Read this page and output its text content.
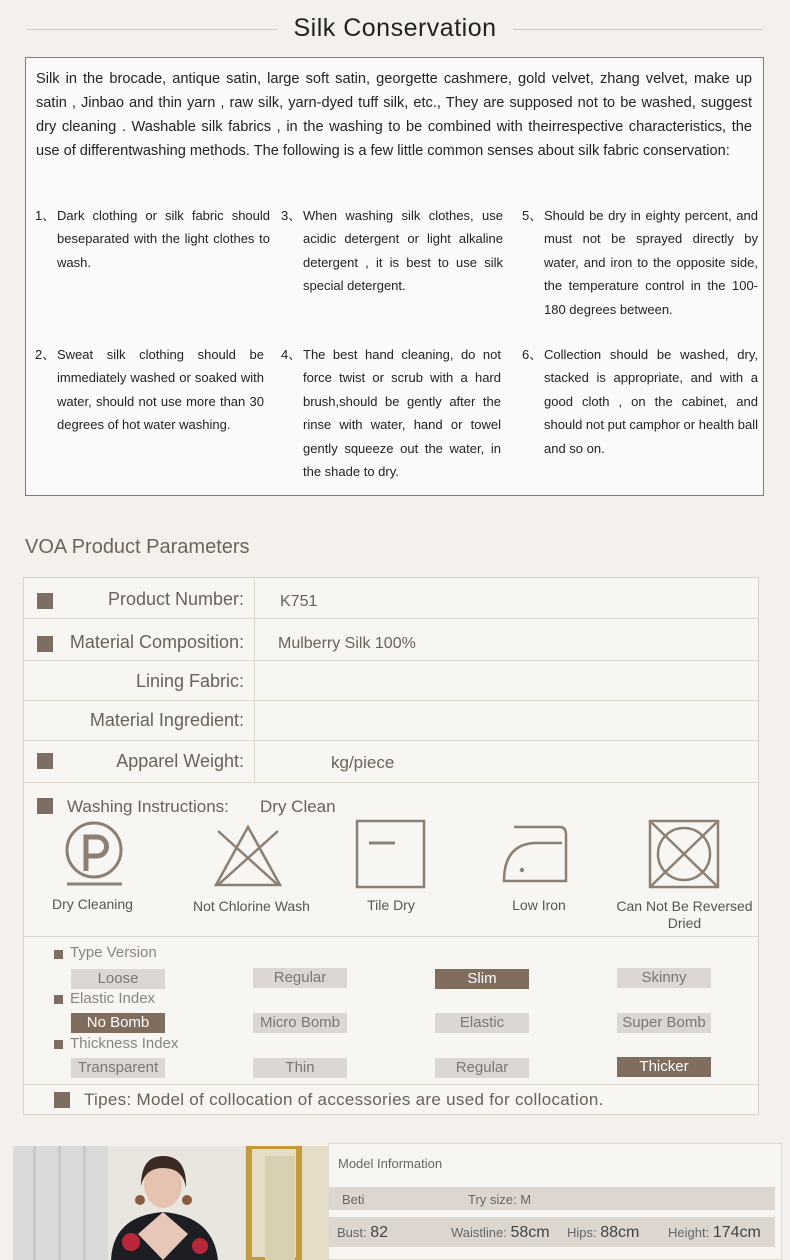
Silk Conservation
Silk in the brocade, antique satin, large soft satin, georgette cashmere, gold velvet, zhang velvet, make up satin , Jinbao and thin yarn , raw silk, yarn-dyed tuff silk, etc., They are supposed not to be washed, suggest dry cleaning . Washable silk fabrics , in the washing to be combined with theirrespective characteristics, the use of differentwashing methods. The following is a few little common senses about silk fabric conservation:
1、 Dark clothing or silk fabric should beseparated with the light clothes to wash.
3、 When washing silk clothes, use acidic detergent or light alkaline detergent , it is best to use silk special detergent.
5、 Should be dry in eighty percent, and must not be sprayed directly by water, and iron to the opposite side, the temperature control in the 100-180 degrees between.
2、 Sweat silk clothing should be immediately washed or soaked with water, should not use more than 30 degrees of hot water washing.
4、 The best hand cleaning, do not force twist or scrub with a hard brush,should be gently after the rinse with water, hand or towel gently squeeze out the water, in the shade to dry.
6、 Collection should be washed, dry, stacked is appropriate, and with a good cloth , on the cabinet, and should not put camphor or health ball and so on.
VOA Product Parameters
Product Number: K751
Material Composition: Mulberry Silk 100%
Lining Fabric:
Material Ingredient:
Apparel Weight:	kg/piece
Washing Instructions: Dry Clean
Dry Cleaning	Not Chlorine Wash	Tile Dry	Low Iron	Can Not Be Reversed Dried
Type Version
Loose	Regular	Slim	Skinny
Elastic Index
No Bomb	Micro Bomb	Elastic	Super Bomb
Thickness Index
Transparent	Thin	Regular	Thicker
Tipes: Model of collocation of accessories are used for collocation.
Model Information
Beti	Try size: M
Bust: 82	Waistline: 58cm Hips: 88cm Height: 174cm
